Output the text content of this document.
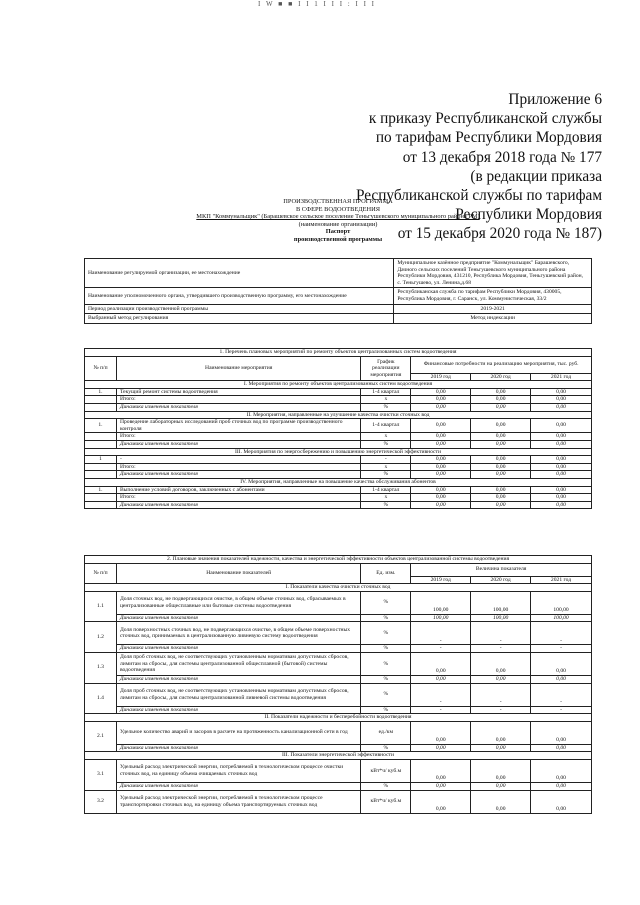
I W ■ ■ I I 1 I I I : I I I
Приложение 6
к приказу Республиканской службы
по тарифам Республики Мордовия
от 13 декабря 2018 года № 177
(в редакции приказа
Республиканской службы по тарифам
Республики Мордовия
от 15 декабря 2020 года № 187)
ПРОИЗВОДСТВЕННАЯ ПРОГРАММА
В СФЕРЕ ВОДООТВЕДЕНИЯ
МКП "Коммунальщик" (Барашевское сельское поселение Теньгушевского муниципального района РМ)
(наименование организации)
Паспорт
производственной программы
Наименование регулируемой организации, ее местонахождение	Муниципальное казённое предприятие "Коммунальщик" Барашевского, Дачного сельских поселений Теньгушевского муниципального района Республики Мордовия, 431210, Республика Мордовия, Теньгушевский район, с. Теньгушево, ул. Ленина,д.68
Наименование уполномоченного органа, утвердившего производственную программу, его местонахождение	Республиканская служба по тарифам Республики Мордовия, 430005, Республика Мордовия, г. Саранск, ул. Коммунистическая, 33/2
Период реализации производственной программы	2019-2021
Выбранный метод регулирования	Метод индексации
1. Перечень плановых мероприятий по ремонту объектов централизованных систем водоотведения					
№ п/п	Наименование мероприятия	График реализации мероприятия	Финансовые потребности на реализацию мероприятия, тыс. руб.		
			2019 год	2020 год	2021 год
I. Мероприятия по ремонту объектов централизованных систем водоотведения					
1.	Текущий ремонт системы водоотведения	1-4 квартал	0,00	0,00	0,00
	Итого:	x	0,00	0,00	0,00
	Динамика изменения показателя	%	0,00	0,00	0,00
II. Мероприятия, направленные на улучшение качества очистки сточных вод					
1.	Проведение лабораторных исследований проб сточных вод по программе производственного контроля	1-4 квартал	0,00	0,00	0,00
	Итого:	x	0,00	0,00	0,00
	Динамика изменения показателя	%	0,00	0,00	0,00
III. Мероприятия по энергосбережению и повышению энергетической эффективности					
1	-	-	0,00	0,00	0,00
	Итого:	x	0,00	0,00	0,00
	Динамика изменения показателя	%	0,00	0,00	0,00
IV. Мероприятия, направленные на повышение качества обслуживания абонентов					
1.	Выполнение условий договоров, заключенных с абонентами	1-4 квартал	0,00	0,00	0,00
	Итого:	x	0,00	0,00	0,00
	Динамика изменения показателя	%	0,00	0,00	0,00
2. Плановые значения показателей надежности, качества и энергетической эффективности объектов централизованной системы водоотведения					
№ п/п	Наименование показателей	Ед. изм.	Величина показателя		
			2019 год	2020 год	2021 год
I. Показатели качества очистки сточных вод					
1.1	Доля сточных вод, не подвергающихся очистке, в общем объеме сточных вод, сбрасываемых в централизованные общесплавные или бытовые системы водоотведения	%	100,00	100,00	100,00
	Динамика изменения показателя	%	100,00	100,00	100,00
1.2	Доля поверхностных сточных вод, не подвергающихся очистке, в общем объеме поверхностных сточных вод, принимаемых в централизованную ливневую систему водоотведения	%	-	-	-
	Динамика изменения показателя	%	-	-	-
1.3	Доля проб сточных вод, не соответствующих установленным нормативам допустимых сбросов, лимитам на сбросы, для системы централизованной общесплавной (бытовой) системы водоотведения	%	0,00	0,00	0,00
	Динамика изменения показателя	%	0,00	0,00	0,00
1.4	Доля проб сточных вод, не соответствующих установленным нормативам допустимых сбросов, лимитам на сбросы, для системы централизованной ливневой системы водоотведения	%	-	-	-
	Динамика изменения показателя	%	-	-	-
II. Показатели надежности и бесперебойности водоотведения					
2.1	Удельное количество аварий и засоров в расчете на протяженность канализационной сети в год	ед./км	0,00	0,00	0,00
	Динамика изменения показателя	%	0,00	0,00	0,00
III. Показатели энергетической эффективности					
3.1	Удельный расход электрической энергии, потребляемой в технологическом процессе очистки сточных вод, на единицу объема очищаемых сточных вод	кВт*ч/ куб.м	0,00	0,00	0,00
	Динамика изменения показателя	%	0,00	0,00	0,00
3.2	Удельный расход электрической энергии, потребляемой в технологическом процессе транспортировки сточных вод, на единицу объема транспортируемых сточных вод	кВт*ч/ куб.м	0,00	0,00	0,00
